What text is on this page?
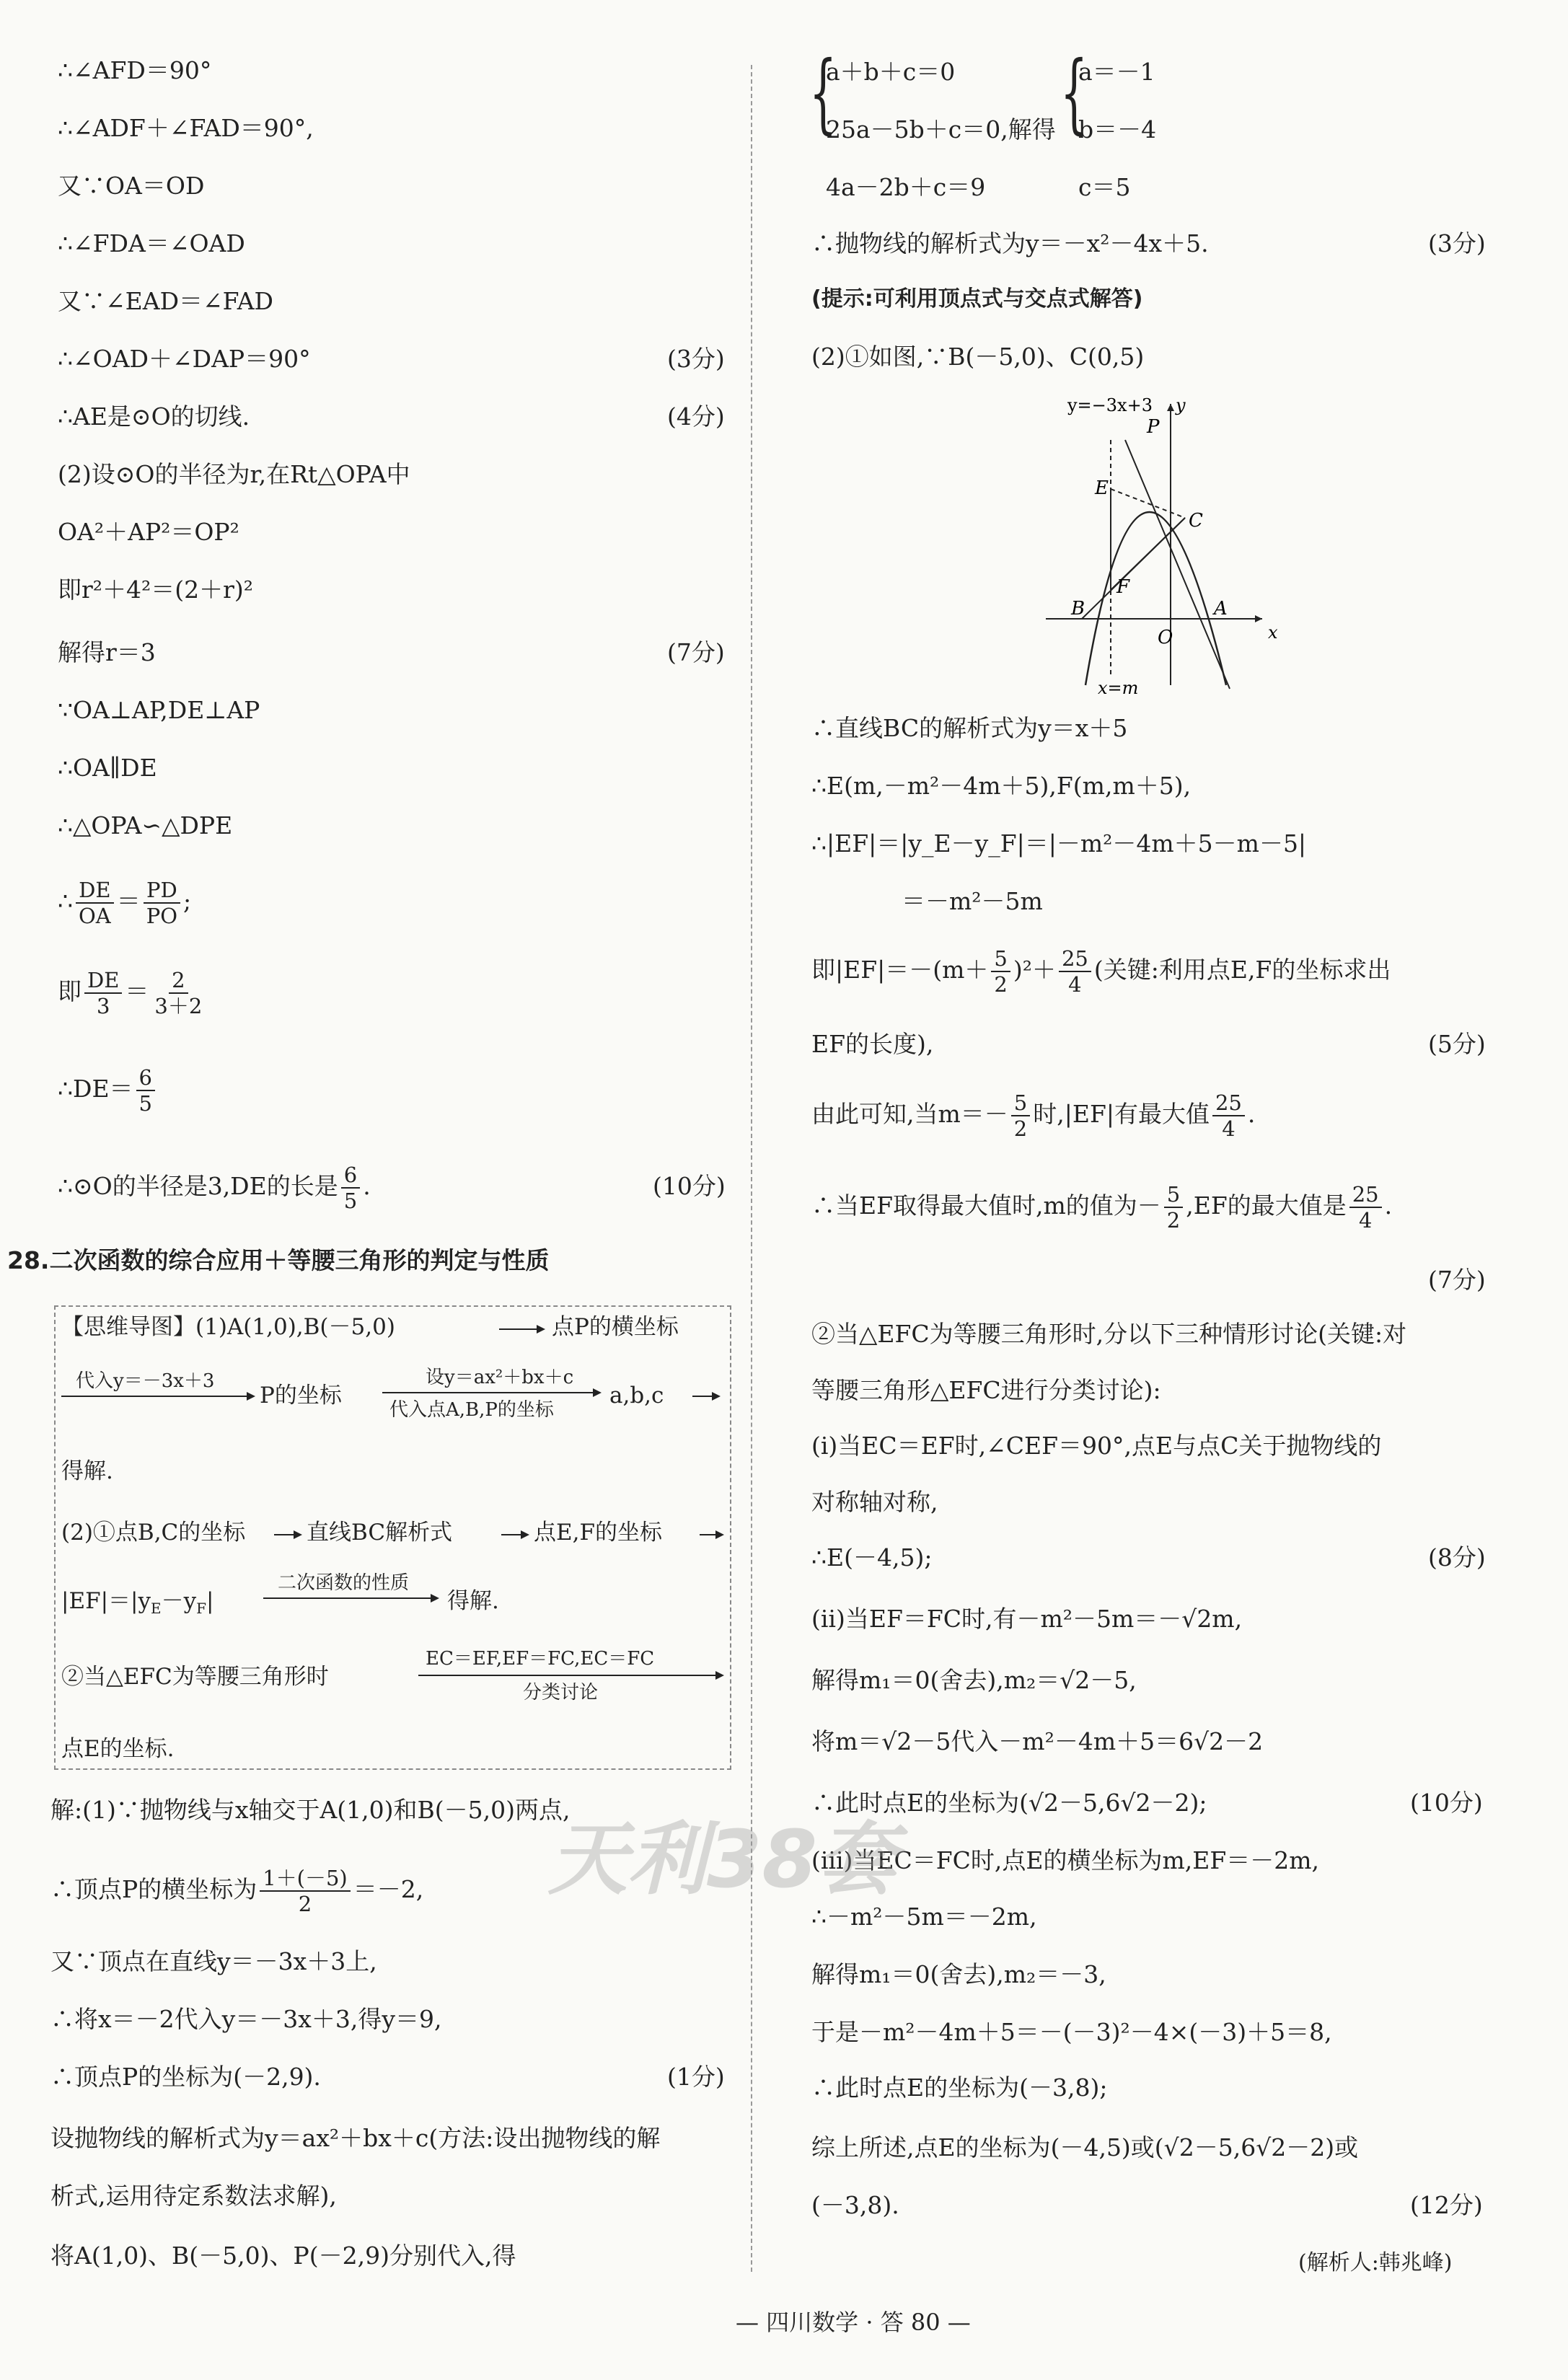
∴∠AFD＝90°
∴∠ADF＋∠FAD＝90°,
又∵OA＝OD
∴∠FDA＝∠OAD
又∵∠EAD＝∠FAD
∴∠OAD＋∠DAP＝90°	(3分)
∴AE是⊙O的切线.	(4分)
(2)设⊙O的半径为r,在Rt△OPA中
OA²＋AP²＝OP²
即r²＋4²＝(2＋r)²
解得r＝3	(7分)
∵OA⊥AP,DE⊥AP
∴OA∥DE
∴△OPA∽△DPE
∴ $\frac{DE}{OA} = \frac{PD}{PO}$ ;
即 $\frac{DE}{3} = \frac{2}{3+2}$
∴DE＝ $\frac{6}{5}$
∴⊙O的半径是3,DE的长是 $\frac{6}{5}$ .	(10分)
28.二次函数的综合应用＋等腰三角形的判定与性质
【思维导图】(1)A(1,0),B(－5,0)	点P的横坐标
代入y＝－3x＋3
P的坐标
设y＝ax²＋bx＋c
代入点A,B,P的坐标
a,b,c
得解.
(2)①点B,C的坐标	直线BC解析式	点E,F的坐标
$|EF|=|y_E-y_F|$
二次函数的性质
得解.
②当△EFC为等腰三角形时
EC＝EF,EF＝FC,EC＝FC
分类讨论
点E的坐标.
解:(1)∵抛物线与x轴交于A(1,0)和B(－5,0)两点,
∴顶点P的横坐标为 $\frac{1+(-5)}{2} =-2$,
又∵顶点在直线y＝－3x＋3上,
∴将x＝－2代入y＝－3x＋3,得y＝9,
∴顶点P的坐标为(－2,9).	(1分)
设抛物线的解析式为y＝ax²＋bx＋c(方法:设出抛物线的解
析式,运用待定系数法求解),
将A(1,0)、B(－5,0)、P(－2,9)分别代入,得
{
a＋b＋c＝0
25a－5b＋c＝0,解得
4a－2b＋c＝9
{
a＝－1
b＝－4
c＝5
∴抛物线的解析式为y＝－x²－4x＋5.	(3分)
(提示:可利用顶点式与交点式解答)
(2)①如图,∵B(－5,0)、C(0,5)
y=−3x+3 y
x
x=m
P
E
C
F
B
O
A
∴直线BC的解析式为y＝x＋5
∴E(m,－m²－4m＋5),F(m,m＋5),
∴|EF|＝|y_E－y_F|＝|－m²－4m＋5－m－5|
＝－m²－5m
即$|EF|=-(m+ \frac{5}{2} )^2+ \frac{25}{4}$ (关键:利用点E,F的坐标求出
EF的长度),	(5分)
由此可知,当$m=- \frac{5}{2}$ 时,|EF|有最大值 $\frac{25}{4}$ .
∴当EF取得最大值时,m的值为－ $\frac{5}{2} ,EF$的最大值是 $\frac{25}{4}$ .
(7分)
②当△EFC为等腰三角形时,分以下三种情形讨论(关键:对
等腰三角形△EFC进行分类讨论):
(ⅰ)当EC＝EF时,∠CEF＝90°,点E与点C关于抛物线的
对称轴对称,
∴E(－4,5);	(8分)
(ⅱ)当EF＝FC时,有－m²－5m＝－√2m,
解得m₁＝0(舍去),m₂＝√2－5,
将m＝√2－5代入－m²－4m＋5＝6√2－2
∴此时点E的坐标为(√2－5,6√2－2);	(10分)
(ⅲ)当EC＝FC时,点E的横坐标为m,EF＝－2m,
∴－m²－5m＝－2m,
解得m₁＝0(舍去),m₂＝－3,
于是－m²－4m＋5＝－(－3)²－4×(－3)＋5＝8,
∴此时点E的坐标为(－3,8);
综上所述,点E的坐标为(－4,5)或(√2－5,6√2－2)或
(－3,8).	(12分)
(解析人:韩兆峰)
天利38套
— 四川数学 · 答 80 —
